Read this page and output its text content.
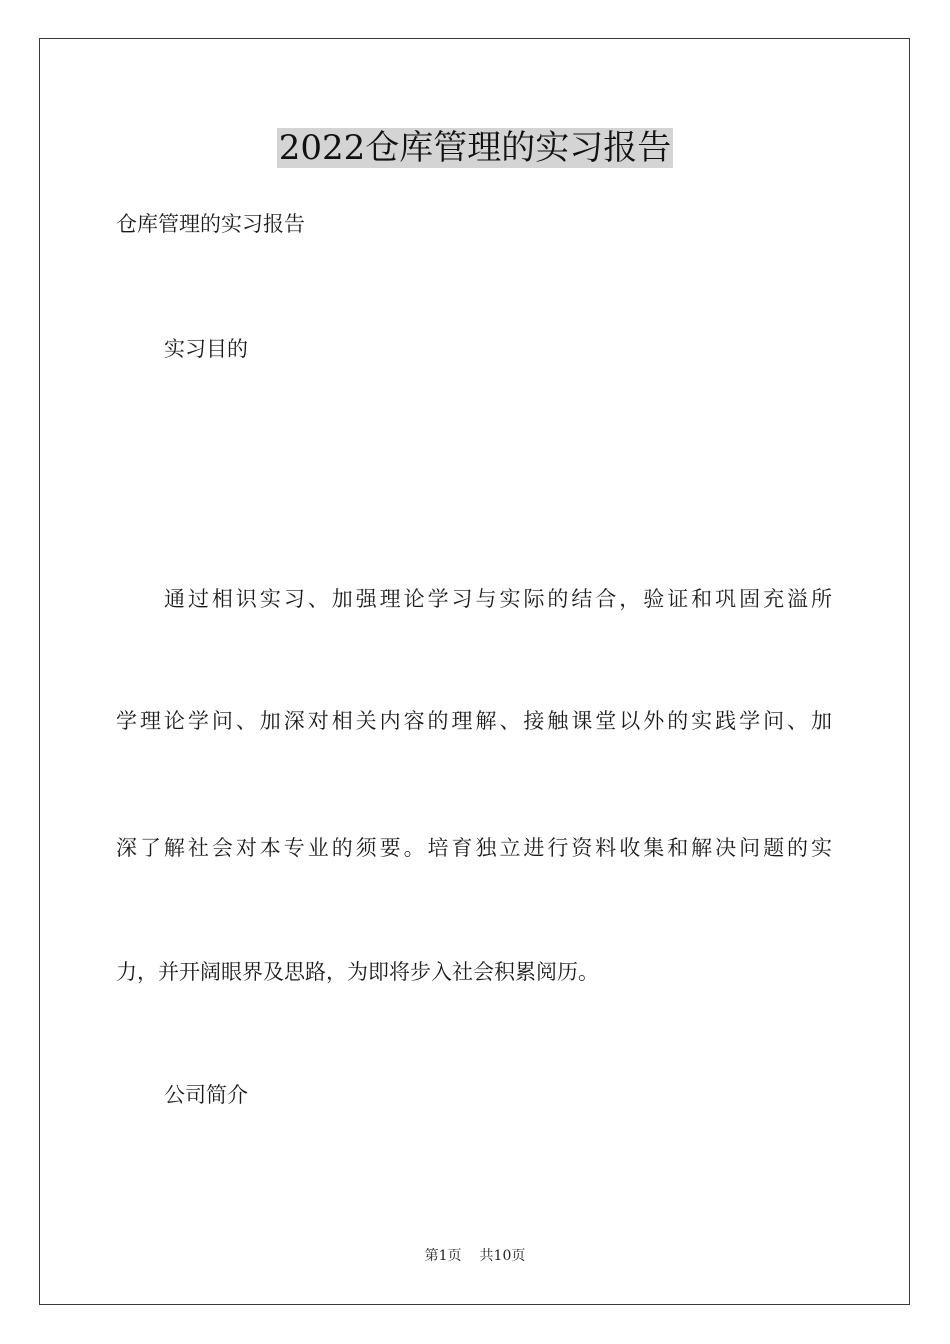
2022仓库管理的实习报告
仓库管理的实习报告
实习目的
通过相识实习、加强理论学习与实际的结合，验证和巩固充溢所
学理论学问、加深对相关内容的理解、接触课堂以外的实践学问、加
深了解社会对本专业的须要。培育独立进行资料收集和解决问题的实
力，并开阔眼界及思路，为即将步入社会积累阅历。
公司简介
第1页 共10页
